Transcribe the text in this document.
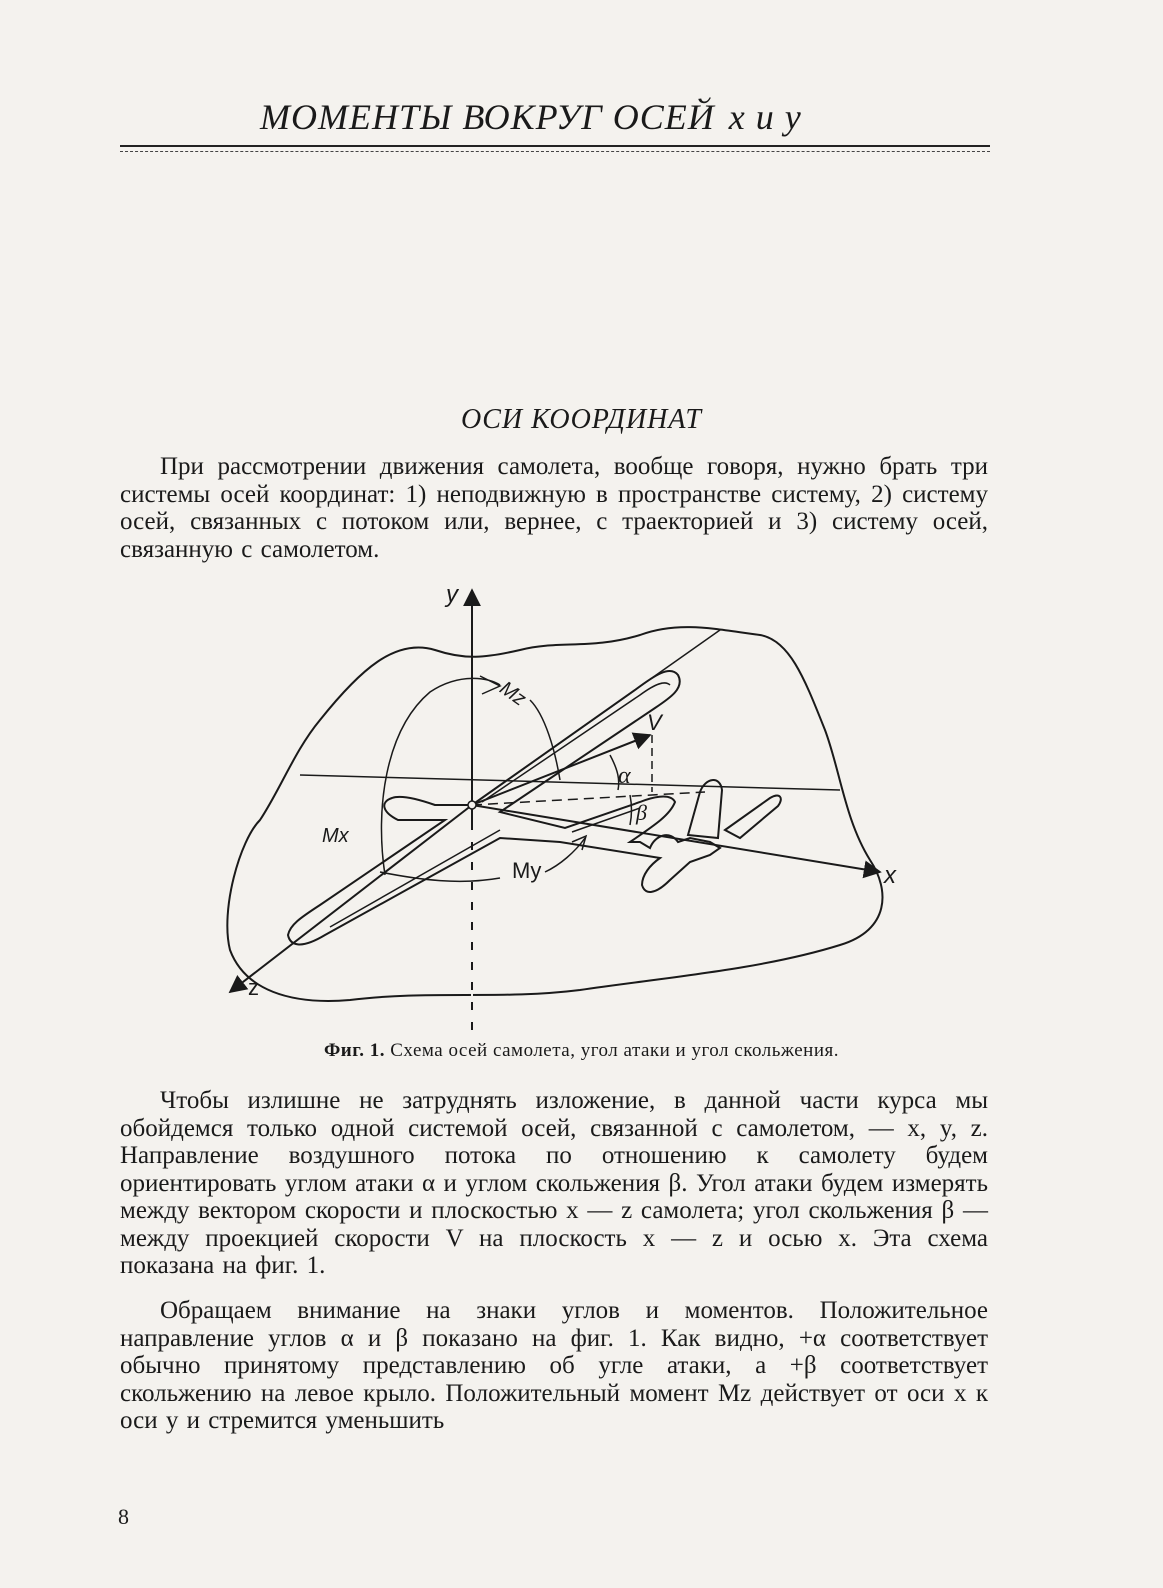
МОМЕНТЫ ВОКРУГ ОСЕЙ x и y
ОСИ КООРДИНАТ
При рассмотрении движения самолета, вообще говоря, нужно брать три системы осей координат: 1) неподвижную в пространстве систему, 2) систему осей, связанных с потоком или, вернее, с траекторией и 3) систему осей, связанную с самолетом.
y
x
z
Mz
Mx
My
V
α
β
Фиг. 1. Схема осей самолета, угол атаки и угол скольжения.
Чтобы излишне не затруднять изложение, в данной части курса мы обойдемся только одной системой осей, связанной с самолетом, — x, y, z. Направление воздушного потока по отношению к самолету будем ориентировать углом атаки α и углом скольжения β. Угол атаки будем измерять между вектором скорости и плоскостью x — z самолета; угол скольжения β — между проекцией скорости V на плоскость x — z и осью x. Эта схема показана на фиг. 1.
Обращаем внимание на знаки углов и моментов. Положительное направление углов α и β показано на фиг. 1. Как видно, +α соответствует обычно принятому представлению об угле атаки, а +β соответствует скольжению на левое крыло. Положительный момент Mz действует от оси x к оси y и стремится уменьшить
8
